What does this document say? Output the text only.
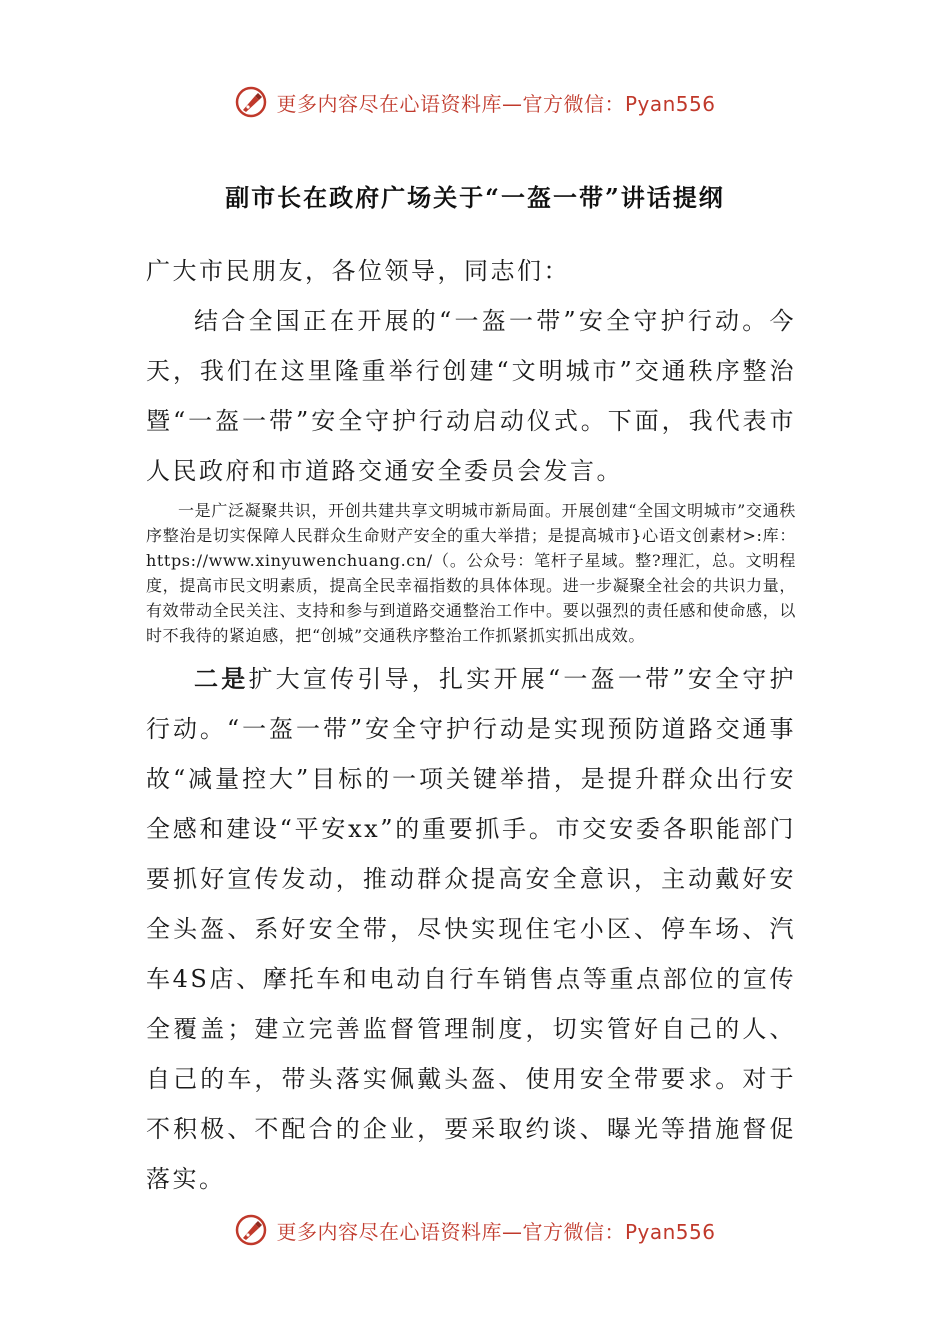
更多内容尽在心语资料库—官方微信：Pyan556
副市长在政府广场关于“一盔一带”讲话提纲

广大市民朋友，各位领导，同志们：

结合全国正在开展的“一盔一带”安全守护行动。今天，我们在这里隆重举行创建“文明城市”交通秩序整治暨“一盔一带”安全守护行动启动仪式。下面，我代表市人民政府和市道路交通安全委员会发言。

一是广泛凝聚共识，开创共建共享文明城市新局面。开展创建“全国文明城市”交通秩序整治是切实保障人民群众生命财产安全的重大举措；是提高城市}心语文创素材>:库：https://www.xinyuwenchuang.cn/（。公众号：笔杆子星域。整?理汇，总。文明程度，提高市民文明素质，提高全民幸福指数的具体体现。进一步凝聚全社会的共识力量，有效带动全民关注、支持和参与到道路交通整治工作中。要以强烈的责任感和使命感，以时不我待的紧迫感，把“创城”交通秩序整治工作抓紧抓实抓出成效。

二是扩大宣传引导，扎实开展“一盔一带”安全守护行动。“一盔一带”安全守护行动是实现预防道路交通事故“减量控大”目标的一项关键举措，是提升群众出行安全感和建设“平安xx”的重要抓手。市交安委各职能部门要抓好宣传发动，推动群众提高安全意识，主动戴好安全头盔、系好安全带，尽快实现住宅小区、停车场、汽车4S店、摩托车和电动自行车销售点等重点部位的宣传全覆盖；建立完善监督管理制度，切实管好自己的人、自己的车，带头落实佩戴头盔、使用安全带要求。对于不积极、不配合的企业，要采取约谈、曝光等措施督促落实。

更多内容尽在心语资料库—官方微信：Pyan556
